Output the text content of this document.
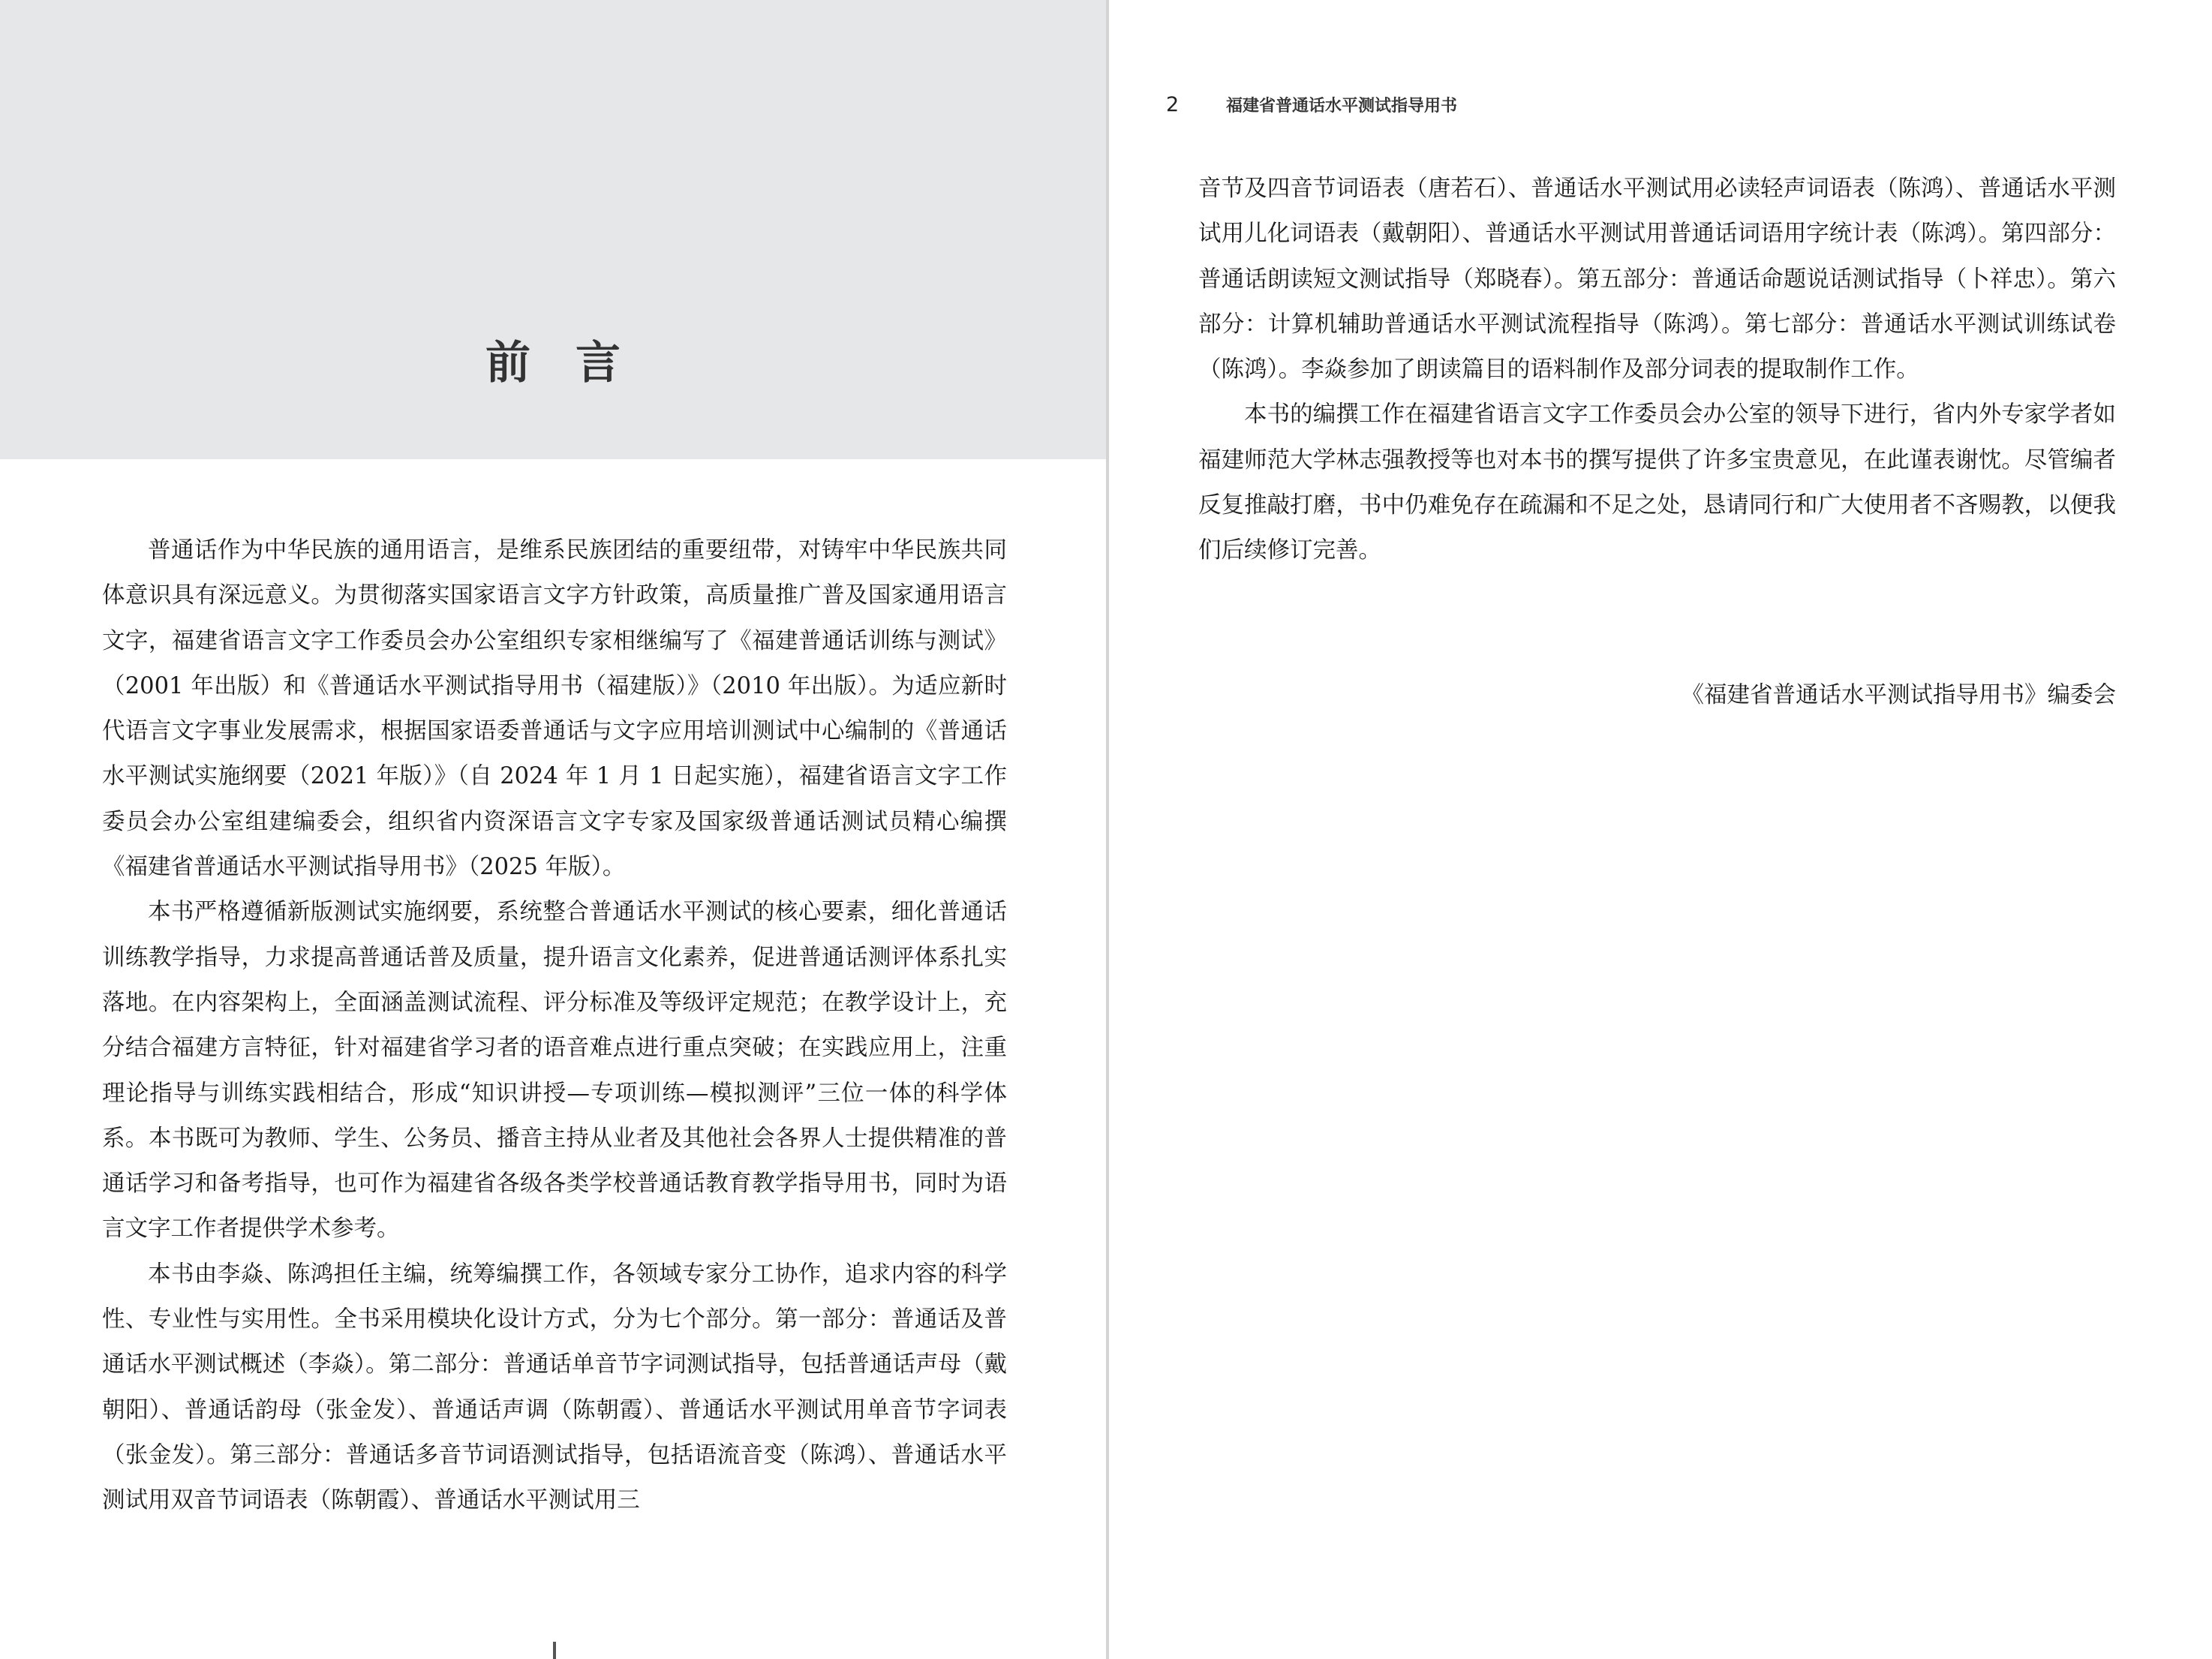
前言

普通话作为中华民族的通用语言，是维系民族团结的重要纽带，对铸牢中华民族共同体意识具有深远意义。为贯彻落实国家语言文字方针政策，高质量推广普及国家通用语言文字，福建省语言文字工作委员会办公室组织专家相继编写了《福建普通话训练与测试》（2001 年出版）和《普通话水平测试指导用书（福建版）》（2010 年出版）。为适应新时代语言文字事业发展需求，根据国家语委普通话与文字应用培训测试中心编制的《普通话水平测试实施纲要（2021 年版）》（自 2024 年 1 月 1 日起实施），福建省语言文字工作委员会办公室组建编委会，组织省内资深语言文字专家及国家级普通话测试员精心编撰《福建省普通话水平测试指导用书》（2025 年版）。

本书严格遵循新版测试实施纲要，系统整合普通话水平测试的核心要素，细化普通话训练教学指导，力求提高普通话普及质量，提升语言文化素养，促进普通话测评体系扎实落地。在内容架构上，全面涵盖测试流程、评分标准及等级评定规范；在教学设计上，充分结合福建方言特征，针对福建省学习者的语音难点进行重点突破；在实践应用上，注重理论指导与训练实践相结合，形成“知识讲授—专项训练—模拟测评”三位一体的科学体系。本书既可为教师、学生、公务员、播音主持从业者及其他社会各界人士提供精准的普通话学习和备考指导，也可作为福建省各级各类学校普通话教育教学指导用书，同时为语言文字工作者提供学术参考。

本书由李焱、陈鸿担任主编，统筹编撰工作，各领域专家分工协作，追求内容的科学性、专业性与实用性。全书采用模块化设计方式，分为七个部分。第一部分：普通话及普通话水平测试概述（李焱）。第二部分：普通话单音节字词测试指导，包括普通话声母（戴朝阳）、普通话韵母（张金发）、普通话声调（陈朝霞）、普通话水平测试用单音节字词表（张金发）。第三部分：普通话多音节词语测试指导，包括语流音变（陈鸿）、普通话水平测试用双音节词语表（陈朝霞）、普通话水平测试用三

2	福建省普通话水平测试指导用书

音节及四音节词语表（唐若石）、普通话水平测试用必读轻声词语表（陈鸿）、普通话水平测试用儿化词语表（戴朝阳）、普通话水平测试用普通话词语用字统计表（陈鸿）。第四部分：普通话朗读短文测试指导（郑晓春）。第五部分：普通话命题说话测试指导（卜祥忠）。第六部分：计算机辅助普通话水平测试流程指导（陈鸿）。第七部分：普通话水平测试训练试卷（陈鸿）。李焱参加了朗读篇目的语料制作及部分词表的提取制作工作。

本书的编撰工作在福建省语言文字工作委员会办公室的领导下进行，省内外专家学者如福建师范大学林志强教授等也对本书的撰写提供了许多宝贵意见，在此谨表谢忱。尽管编者反复推敲打磨，书中仍难免存在疏漏和不足之处，恳请同行和广大使用者不吝赐教，以便我们后续修订完善。

《福建省普通话水平测试指导用书》编委会
